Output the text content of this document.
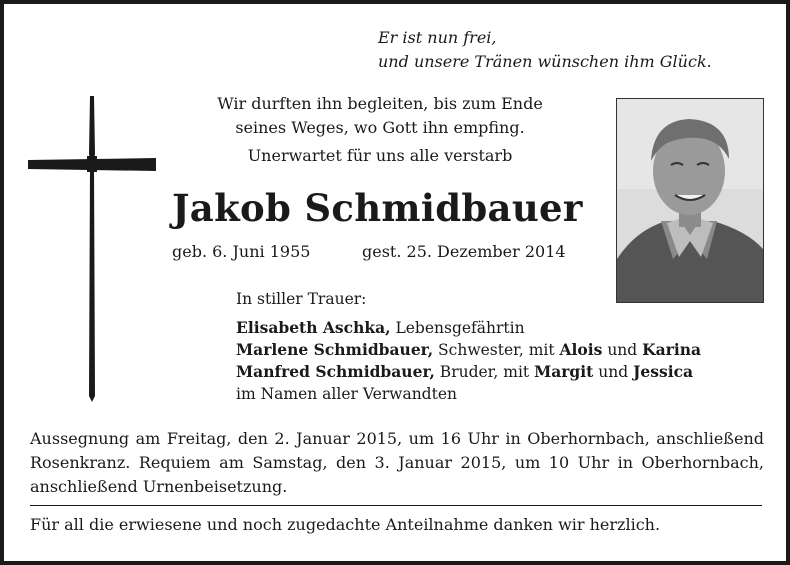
Er ist nun frei,
und unsere Tränen wünschen ihm Glück.
Wir durften ihn begleiten, bis zum Ende
seines Weges, wo Gott ihn empfing.
Unerwartet für uns alle verstarb
Jakob Schmidbauer
geb. 6. Juni 1955	gest. 25. Dezember 2014
In stiller Trauer:
Elisabeth Aschka, Lebensgefährtin
Marlene Schmidbauer, Schwester, mit Alois und Karina
Manfred Schmidbauer, Bruder, mit Margit und Jessica
im Namen aller Verwandten
Aussegnung am Freitag, den 2. Januar 2015, um 16 Uhr in Oberhornbach, anschließend Rosenkranz. Requiem am Samstag, den 3. Januar 2015, um 10 Uhr in Oberhornbach, anschließend Urnenbeisetzung.
Für all die erwiesene und noch zugedachte Anteilnahme danken wir herzlich.
